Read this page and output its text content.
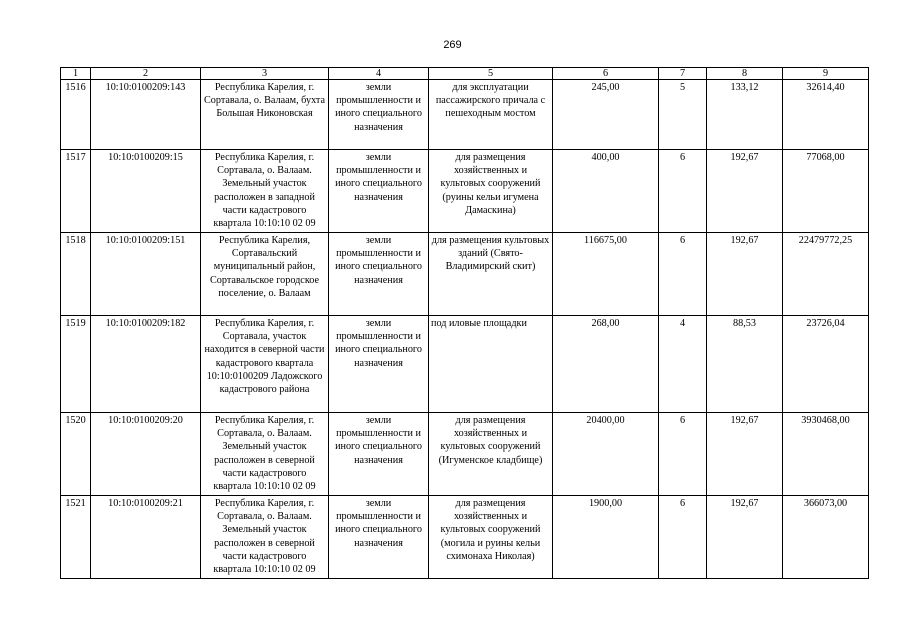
269
1	2	3	4	5	6	7	8	9
1516	10:10:0100209:143	Республика Карелия, г. Сортавала, о. Валаам, бухта Большая Никоновская	земли промышленности и иного специального назначения	для эксплуатации пассажирского причала с пешеходным мостом	245,00	5	133,12	32614,40
1517	10:10:0100209:15	Республика Карелия, г. Сортавала, о. Валаам. Земельный участок расположен в западной части кадастрового квартала 10:10:10 02 09	земли промышленности и иного специального назначения	для размещения хозяйственных и культовых сооружений (руины кельи игумена Дамаскина)	400,00	6	192,67	77068,00
1518	10:10:0100209:151	Республика Карелия, Сортавальский муниципальный район, Сортавальское городское поселение, о. Валаам	земли промышленности и иного специального назначения	для размещения культовых зданий (Свято-Владимирский скит)	116675,00	6	192,67	22479772,25
1519	10:10:0100209:182	Республика Карелия, г. Сортавала, участок находится в северной части кадастрового квартала 10:10:0100209 Ладожского кадастрового района	земли промышленности и иного специального назначения	под иловые площадки	268,00	4	88,53	23726,04
1520	10:10:0100209:20	Республика Карелия, г. Сортавала, о. Валаам. Земельный участок расположен в северной части кадастрового квартала 10:10:10 02 09	земли промышленности и иного специального назначения	для размещения хозяйственных и культовых сооружений (Игуменское кладбище)	20400,00	6	192,67	3930468,00
1521	10:10:0100209:21	Республика Карелия, г. Сортавала, о. Валаам. Земельный участок расположен в северной части кадастрового квартала 10:10:10 02 09	земли промышленности и иного специального назначения	для размещения хозяйственных и культовых сооружений (могила и руины кельи схимонаха Николая)	1900,00	6	192,67	366073,00
